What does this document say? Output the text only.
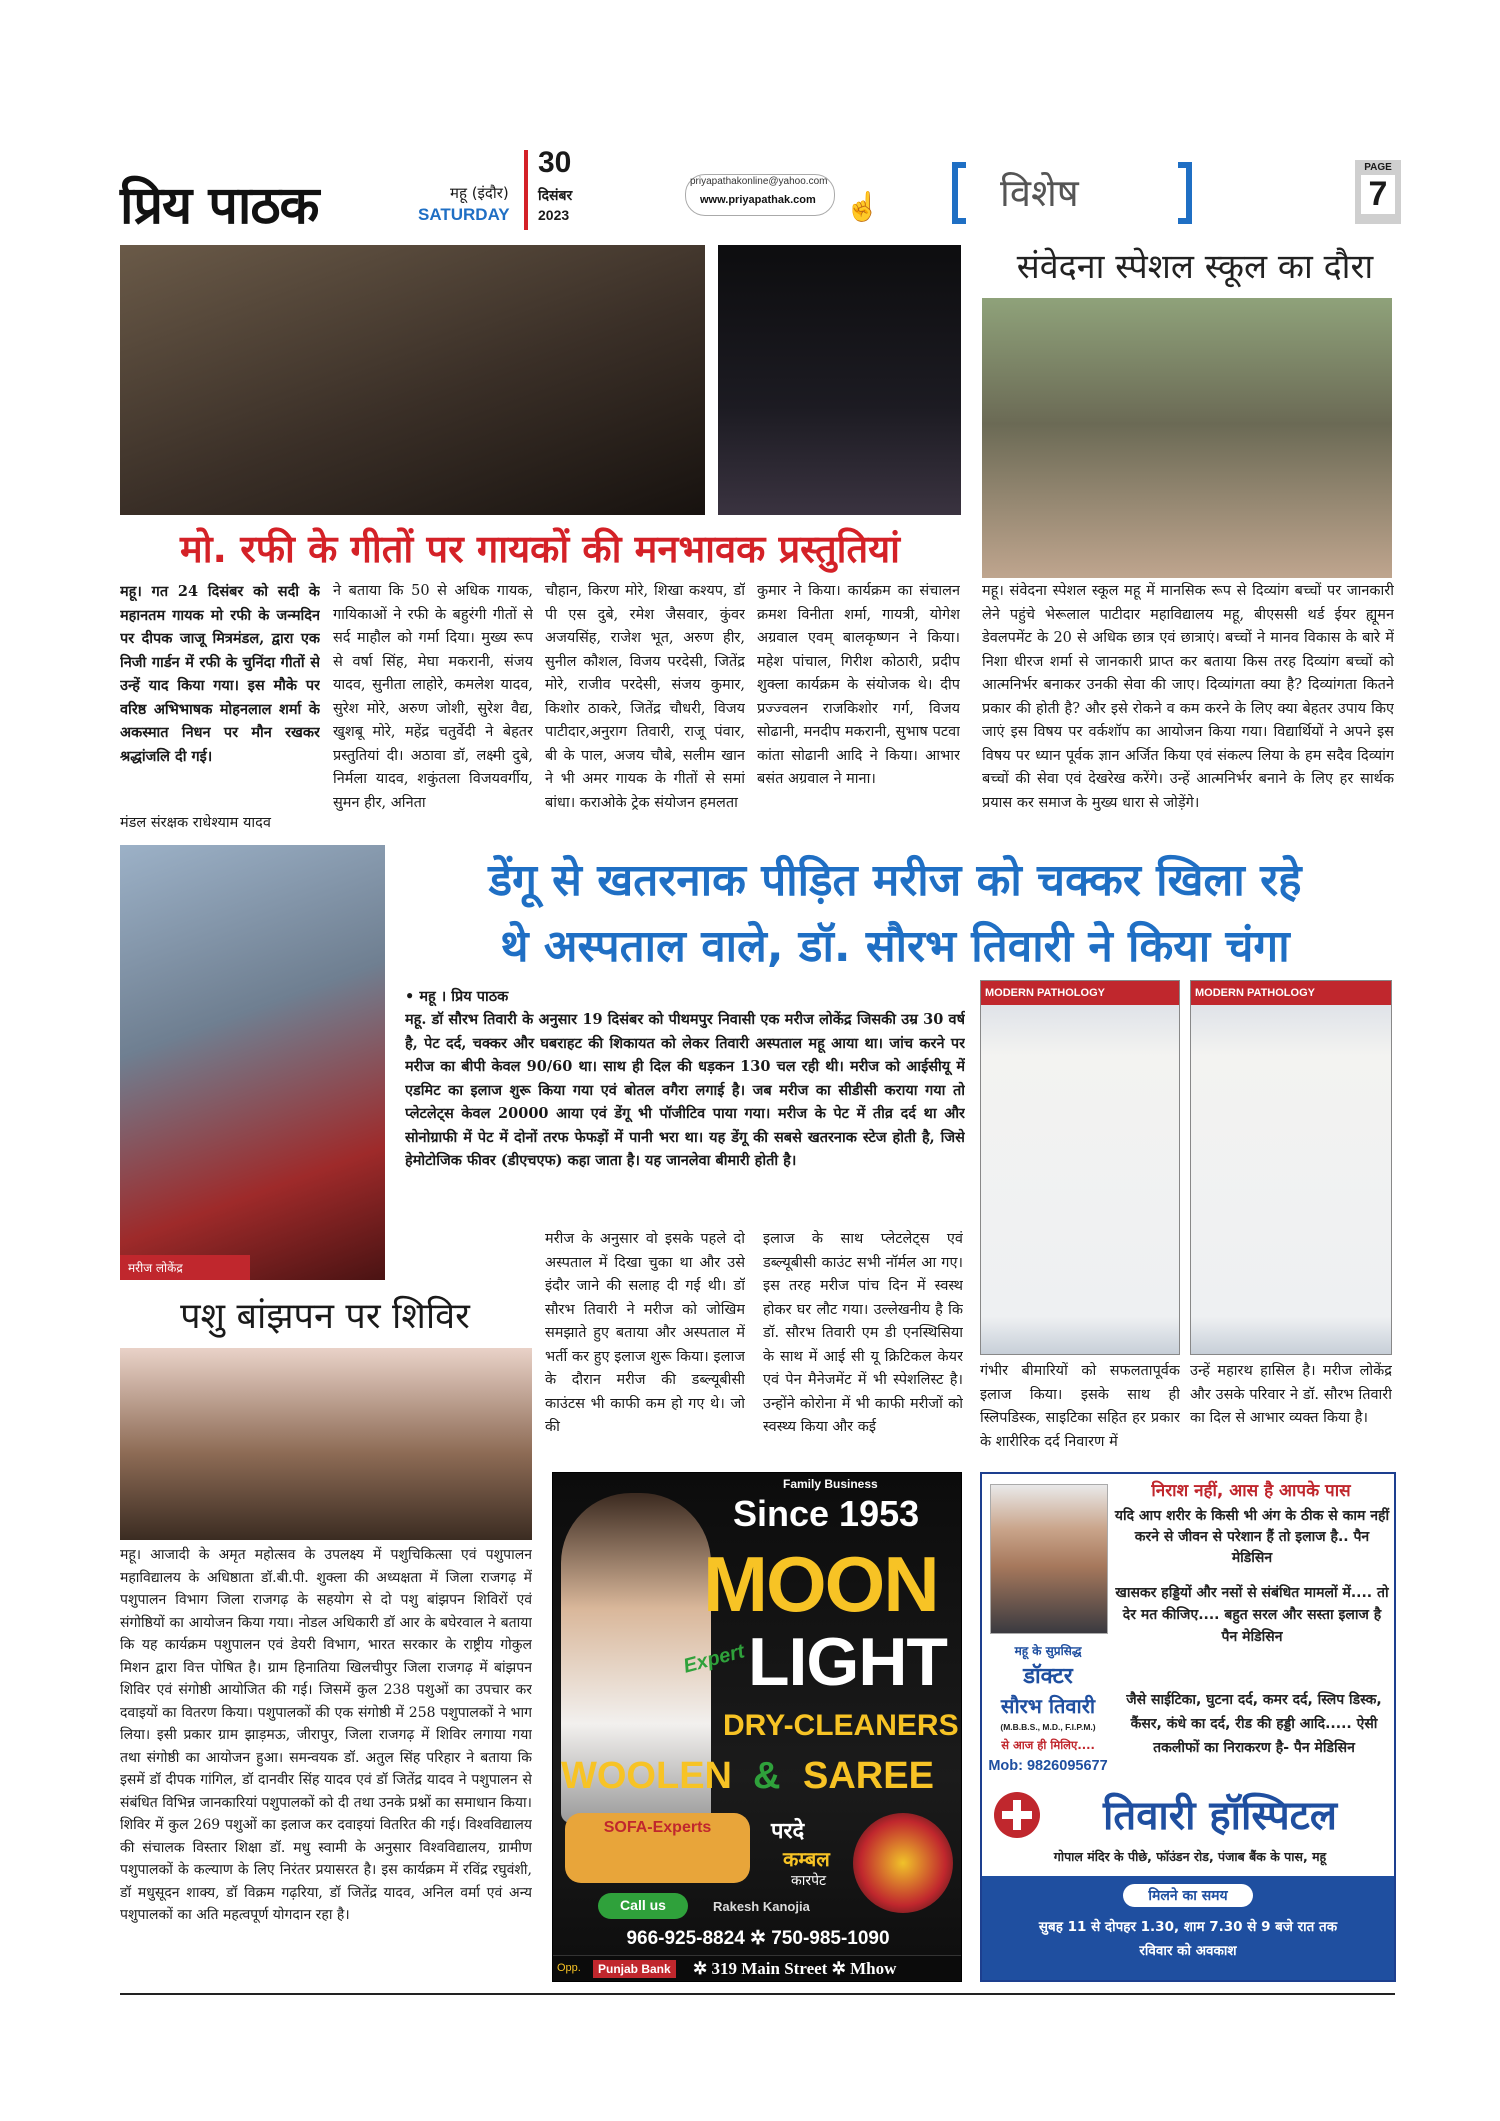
प्रिय पाठक	महू (इंदौर)
SATURDAY
30
दिसंबर
2023
priyapathakonline@yahoo.com
www.priyapathak.com ☝	विशेष
PAGE
7
मो. रफी के गीतों पर गायकों की मनभावक प्रस्तुतियां
महू। गत 24 दिसंबर को सदी के महानतम गायक मो रफी के जन्मदिन पर दीपक जाजू मित्रमंडल, द्वारा एक निजी गार्डन में रफी के चुनिंदा गीतों से उन्हें याद किया गया। इस मौके पर वरिष्ठ अभिभाषक मोहनलाल शर्मा के अकस्मात निधन पर मौन रखकर श्रद्धांजलि दी गई।
मंडल संरक्षक राधेश्याम यादव
ने बताया कि 50 से अधिक गायक, गायिकाओं ने रफी के बहुरंगी गीतों से सर्द माहौल को गर्मा दिया। मुख्य रूप से वर्षा सिंह, मेघा मकरानी, संजय यादव, सुनीता लाहोरे, कमलेश यादव, सुरेश मोरे, अरुण जोशी, सुरेश वैद्य, खुशबू मोरे, महेंद्र चतुर्वेदी ने बेहतर प्रस्तुतियां दी। अठावा डॉ, लक्ष्मी दुबे, निर्मला यादव, शकुंतला विजयवर्गीय, सुमन हीर, अनिता
चौहान, किरण मोरे, शिखा कश्यप, डॉ पी एस दुबे, रमेश जैसवार, कुंवर अजयसिंह, राजेश भूत, अरुण हीर, सुनील कौशल, विजय परदेसी, जितेंद्र मोरे, राजीव परदेसी, संजय कुमार, किशोर ठाकरे, जितेंद्र चौधरी, विजय पाटीदार,अनुराग तिवारी, राजू पंवार, बी के पाल, अजय चौबे, सलीम खान ने भी अमर गायक के गीतों से समां बांधा। कराओके ट्रेक संयोजन हमलता
कुमार ने किया। कार्यक्रम का संचालन क्रमश विनीता शर्मा, गायत्री, योगेश अग्रवाल एवम् बालकृष्णन ने किया। महेश पांचाल, गिरीश कोठारी, प्रदीप शुक्ला कार्यक्रम के संयोजक थे। दीप प्रज्ज्वलन राजकिशोर गर्ग, विजय सोढानी, मनदीप मकरानी, सुभाष पटवा कांता सोढानी आदि ने किया। आभार बसंत अग्रवाल ने माना।
संवेदना स्पेशल स्कूल का दौरा
महू। संवेदना स्पेशल स्कूल महू में मानसिक रूप से दिव्यांग बच्चों पर जानकारी लेने पहुंचे भेरूलाल पाटीदार महाविद्यालय महू, बीएससी थर्ड ईयर ह्यूमन डेवलपमेंट के 20 से अधिक छात्र एवं छात्राएं। बच्चों ने मानव विकास के बारे में निशा धीरज शर्मा से जानकारी प्राप्त कर बताया किस तरह दिव्यांग बच्चों को आत्मनिर्भर बनाकर उनकी सेवा की जाए। दिव्यांगता क्या है? दिव्यांगता कितने प्रकार की होती है? और इसे रोकने व कम करने के लिए क्या बेहतर उपाय किए जाएं इस विषय पर वर्कशॉप का आयोजन किया गया। विद्यार्थियों ने अपने इस विषय पर ध्यान पूर्वक ज्ञान अर्जित किया एवं संकल्प लिया के हम सदैव दिव्यांग बच्चों की सेवा एवं देखरेख करेंगे। उन्हें आत्मनिर्भर बनाने के लिए हर सार्थक प्रयास कर समाज के मुख्य धारा से जोड़ेंगे।
मरीज लोकेंद्र
डेंगू से खतरनाक पीड़ित मरीज को चक्कर खिला रहे
थे अस्पताल वाले, डॉ. सौरभ तिवारी ने किया चंगा
• महू । प्रिय पाठक
महू. डॉ सौरभ तिवारी के अनुसार 19 दिसंबर को पीथमपुर निवासी एक मरीज लोकेंद्र जिसकी उम्र 30 वर्ष है, पेट दर्द, चक्कर और घबराहट की शिकायत को लेकर तिवारी अस्पताल महू आया था। जांच करने पर मरीज का बीपी केवल 90/60 था। साथ ही दिल की धड़कन 130 चल रही थी। मरीज को आईसीयू में एडमिट का इलाज शुरू किया गया एवं बोतल वगैरा लगाई है। जब मरीज का सीडीसी कराया गया तो प्लेटलेट्स केवल 20000 आया एवं डेंगू भी पॉजीटिव पाया गया। मरीज के पेट में तीव्र दर्द था और सोनोग्राफी में पेट में दोनों तरफ फेफड़ों में पानी भरा था। यह डेंगू की सबसे खतरनाक स्टेज होती है, जिसे हेमोटोजिक फीवर (डीएचएफ) कहा जाता है। यह जानलेवा बीमारी होती है।
MODERN PATHOLOGY	MODERN PATHOLOGY
मरीज के अनुसार वो इसके पहले दो अस्पताल में दिखा चुका था और उसे इंदौर जाने की सलाह दी गई थी। डॉ सौरभ तिवारी ने मरीज को जोखिम समझाते हुए बताया और अस्पताल में भर्ती कर हुए इलाज शुरू किया। इलाज के दौरान मरीज की डब्ल्यूबीसी काउंटस भी काफी कम हो गए थे। जो की
इलाज के साथ प्लेटलेट्स एवं डब्ल्यूबीसी काउंट सभी नॉर्मल आ गए। इस तरह मरीज पांच दिन में स्वस्थ होकर घर लौट गया। उल्लेखनीय है कि डॉ. सौरभ तिवारी एम डी एनस्थिसिया के साथ में आई सी यू क्रिटिकल केयर एवं पेन मैनेजमेंट में भी स्पेशलिस्ट है। उन्होंने कोरोना में भी काफी मरीजों को स्वस्थ्य किया और कई
गंभीर बीमारियों को सफलतापूर्वक इलाज किया। इसके साथ ही स्लिपडिस्क, साइटिका सहित हर प्रकार के शारीरिक दर्द निवारण में
उन्हें महारथ हासिल है। मरीज लोकेंद्र और उसके परिवार ने डॉ. सौरभ तिवारी का दिल से आभार व्यक्त किया है।
पशु बांझपन पर शिविर
महू। आजादी के अमृत महोत्सव के उपलक्ष्य में पशुचिकित्सा एवं पशुपालन महाविद्यालय के अधिष्ठाता डॉ.बी.पी. शुक्ला की अध्यक्षता में जिला राजगढ़ में पशुपालन विभाग जिला राजगढ़ के सहयोग से दो पशु बांझपन शिविरों एवं संगोष्ठियों का आयोजन किया गया। नोडल अधिकारी डॉ आर के बघेरवाल ने बताया कि यह कार्यक्रम पशुपालन एवं डेयरी विभाग, भारत सरकार के राष्ट्रीय गोकुल मिशन द्वारा वित्त पोषित है। ग्राम हिनातिया खिलचीपुर जिला राजगढ़ में बांझपन शिविर एवं संगोष्ठी आयोजित की गई। जिसमें कुल 238 पशुओं का उपचार कर दवाइयों का वितरण किया। पशुपालकों की एक संगोष्ठी में 258 पशुपालकों ने भाग लिया। इसी प्रकार ग्राम झाड़मऊ, जीरापुर, जिला राजगढ़ में शिविर लगाया गया तथा संगोष्ठी का आयोजन हुआ। समन्वयक डॉ. अतुल सिंह परिहार ने बताया कि इसमें डॉ दीपक गांगिल, डॉ दानवीर सिंह यादव एवं डॉ जितेंद्र यादव ने पशुपालन से संबंधित विभिन्न जानकारियां पशुपालकों को दी तथा उनके प्रश्नों का समाधान किया। शिविर में कुल 269 पशुओं का इलाज कर दवाइयां वितरित की गई। विश्वविद्यालय की संचालक विस्तार शिक्षा डॉ. मधु स्वामी के अनुसार विश्वविद्यालय, ग्रामीण पशुपालकों के कल्याण के लिए निरंतर प्रयासरत है। इस कार्यक्रम में रविंद्र रघुवंशी, डॉ मधुसूदन शाक्य, डॉ विक्रम गढ़रिया, डॉ जितेंद्र यादव, अनिल वर्मा एवं अन्य पशुपालकों का अति महत्वपूर्ण योगदान रहा है।
Family Business
Since 1953
MOON
Expert LIGHT
DRY-CLEANERS
WOOLEN & SAREE
SOFA-Experts	परदे
कम्बल
कारपेट
Call us	Rakesh Kanojia
966-925-8824 ✲ 750-985-1090
Opp.	Punjab Bank ✲ 319 Main Street ✲ Mhow
निराश नहीं, आस है आपके पास
यदि आप शरीर के किसी भी अंग के ठीक से काम नहीं करने से जीवन से परेशान हैं तो इलाज है.. पैन मेडिसिन
खासकर हड्डियों और नसों से संबंधित मामलों में.... तो देर मत कीजिए.... बहुत सरल और सस्ता इलाज है पैन मेडिसिन
महू के सुप्रसिद्ध
डॉक्टर
सौरभ तिवारी
(M.B.B.S., M.D., F.I.P.M.)
से आज ही मिलिए....
Mob: 9826095677
जैसे साईटिका, घुटना दर्द, कमर दर्द, स्लिप डिस्क, कैंसर, कंधे का दर्द, रीड की हड्डी आदि..... ऐसी तकलीफों का निराकरण है- पैन मेडिसिन
तिवारी हॉस्पिटल
गोपाल मंदिर के पीछे, फॉउंडन रोड, पंजाब बैंक के पास, महू
मिलने का समय
सुबह 11 से दोपहर 1.30, शाम 7.30 से 9 बजे रात तक
रविवार को अवकाश
